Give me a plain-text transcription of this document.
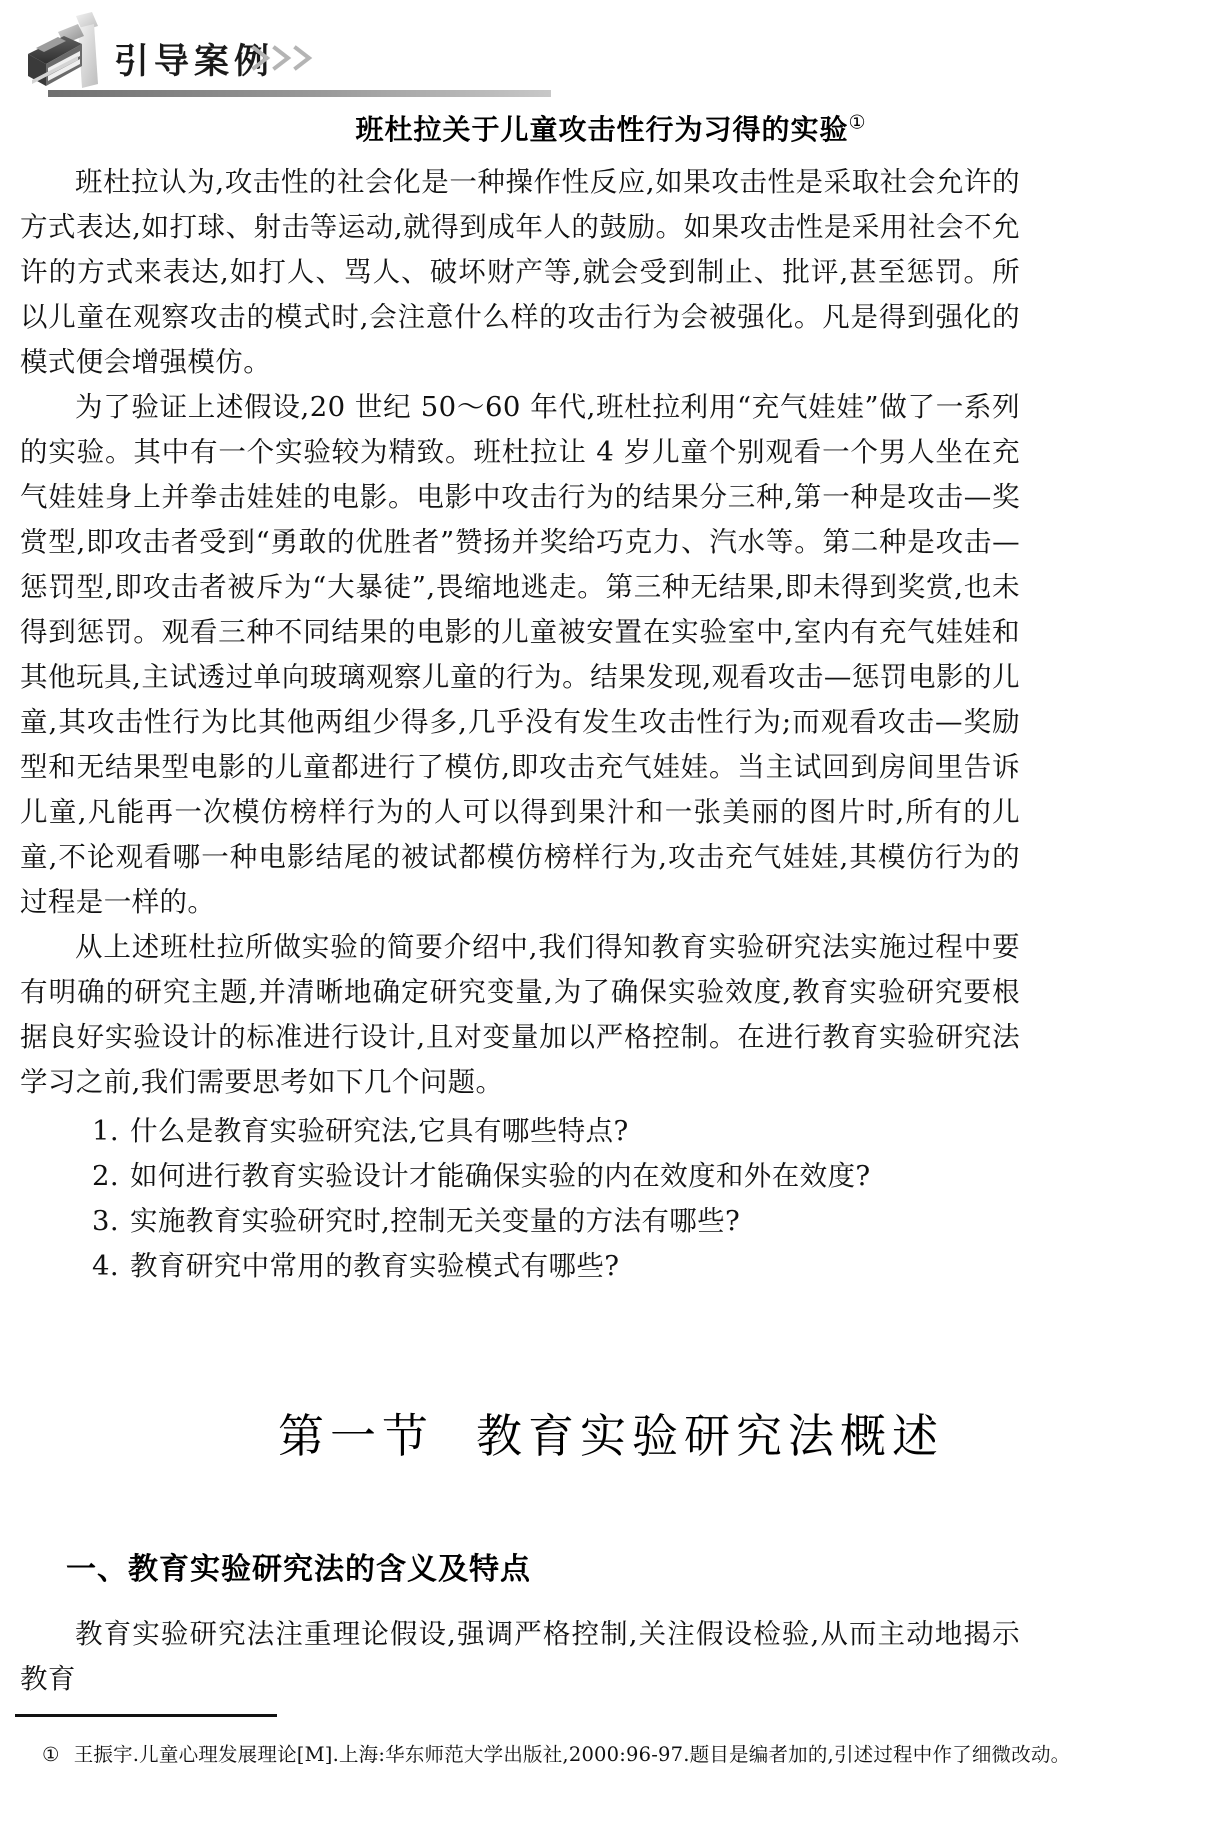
引导案例
班杜拉关于儿童攻击性行为习得的实验①

班杜拉认为,攻击性的社会化是一种操作性反应,如果攻击性是采取社会允许的方式表达,如打球、射击等运动,就得到成年人的鼓励。如果攻击性是采用社会不允许的方式来表达,如打人、骂人、破坏财产等,就会受到制止、批评,甚至惩罚。所以儿童在观察攻击的模式时,会注意什么样的攻击行为会被强化。凡是得到强化的模式便会增强模仿。

为了验证上述假设,20 世纪 50～60 年代,班杜拉利用“充气娃娃”做了一系列的实验。其中有一个实验较为精致。班杜拉让 4 岁儿童个别观看一个男人坐在充气娃娃身上并拳击娃娃的电影。电影中攻击行为的结果分三种,第一种是攻击—奖赏型,即攻击者受到“勇敢的优胜者”赞扬并奖给巧克力、汽水等。第二种是攻击—惩罚型,即攻击者被斥为“大暴徒”,畏缩地逃走。第三种无结果,即未得到奖赏,也未得到惩罚。观看三种不同结果的电影的儿童被安置在实验室中,室内有充气娃娃和其他玩具,主试透过单向玻璃观察儿童的行为。结果发现,观看攻击—惩罚电影的儿童,其攻击性行为比其他两组少得多,几乎没有发生攻击性行为;而观看攻击—奖励型和无结果型电影的儿童都进行了模仿,即攻击充气娃娃。当主试回到房间里告诉儿童,凡能再一次模仿榜样行为的人可以得到果汁和一张美丽的图片时,所有的儿童,不论观看哪一种电影结尾的被试都模仿榜样行为,攻击充气娃娃,其模仿行为的过程是一样的。

从上述班杜拉所做实验的简要介绍中,我们得知教育实验研究法实施过程中要有明确的研究主题,并清晰地确定研究变量,为了确保实验效度,教育实验研究要根据良好实验设计的标准进行设计,且对变量加以严格控制。在进行教育实验研究法学习之前,我们需要思考如下几个问题。

1. 什么是教育实验研究法,它具有哪些特点?
2. 如何进行教育实验设计才能确保实验的内在效度和外在效度?
3. 实施教育实验研究时,控制无关变量的方法有哪些?
4. 教育研究中常用的教育实验模式有哪些?
第一节 教育实验研究法概述
一、教育实验研究法的含义及特点

教育实验研究法注重理论假设,强调严格控制,关注假设检验,从而主动地揭示教育

① 王振宇.儿童心理发展理论[M].上海:华东师范大学出版社,2000:96-97.题目是编者加的,引述过程中作了细微改动。
